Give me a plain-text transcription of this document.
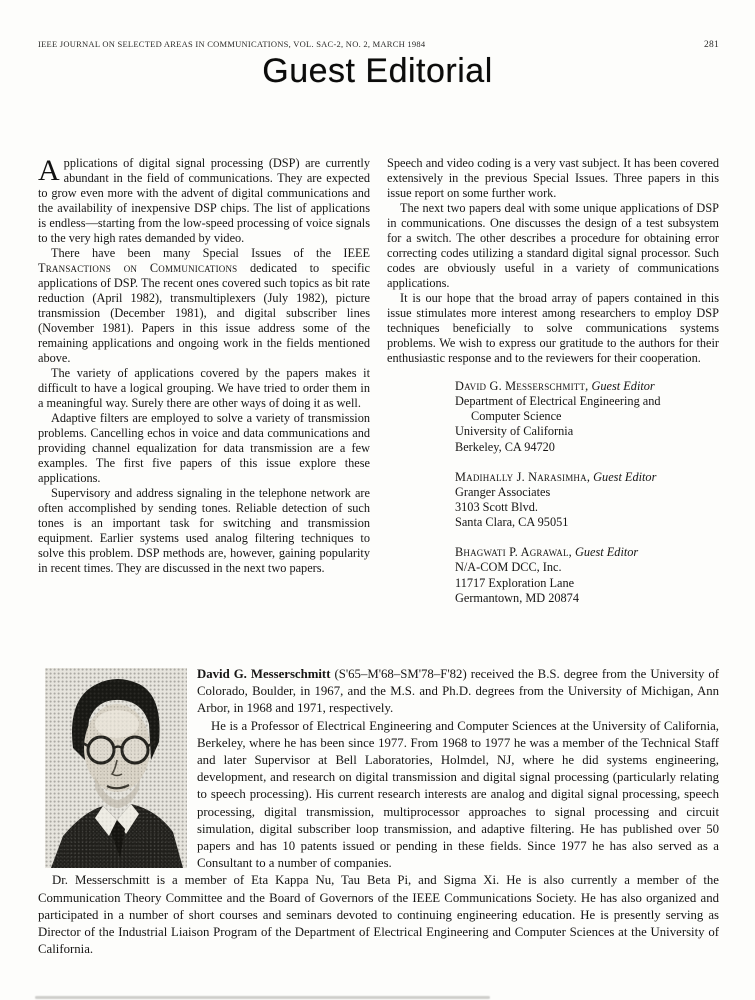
IEEE JOURNAL ON SELECTED AREAS IN COMMUNICATIONS, VOL. SAC-2, NO. 2, MARCH 1984	281
Guest Editorial

Applications of digital signal processing (DSP) are currently abundant in the field of communications. They are expected to grow even more with the advent of digital communications and the availability of inexpensive DSP chips. The list of applications is endless—starting from the low-speed processing of voice signals to the very high rates demanded by video.

There have been many Special Issues of the IEEE Transactions on Communications dedicated to specific applications of DSP. The recent ones covered such topics as bit rate reduction (April 1982), transmultiplexers (July 1982), picture transmission (December 1981), and digital subscriber lines (November 1981). Papers in this issue address some of the remaining applications and ongoing work in the fields mentioned above.

The variety of applications covered by the papers makes it difficult to have a logical grouping. We have tried to order them in a meaningful way. Surely there are other ways of doing it as well.

Adaptive filters are employed to solve a variety of transmission problems. Cancelling echos in voice and data communications and providing channel equalization for data transmission are a few examples. The first five papers of this issue explore these applications.

Supervisory and address signaling in the telephone network are often accomplished by sending tones. Reliable detection of such tones is an important task for switching and transmission equipment. Earlier systems used analog filtering techniques to solve this problem. DSP methods are, however, gaining popularity in recent times. They are discussed in the next two papers.

Speech and video coding is a very vast subject. It has been covered extensively in the previous Special Issues. Three papers in this issue report on some further work.

The next two papers deal with some unique applications of DSP in communications. One discusses the design of a test subsystem for a switch. The other describes a procedure for obtaining error correcting codes utilizing a standard digital signal processor. Such codes are obviously useful in a variety of communications applications.

It is our hope that the broad array of papers contained in this issue stimulates more interest among researchers to employ DSP techniques beneficially to solve communications systems problems. We wish to express our gratitude to the authors for their enthusiastic response and to the reviewers for their cooperation.

David G. Messerschmitt, Guest Editor
Department of Electrical Engineering and
Computer Science
University of California
Berkeley, CA 94720
Madihally J. Narasimha, Guest Editor
Granger Associates
3103 Scott Blvd.
Santa Clara, CA 95051
Bhagwati P. Agrawal, Guest Editor
N/A-COM DCC, Inc.
11717 Exploration Lane
Germantown, MD 20874

David G. Messerschmitt (S'65–M'68–SM'78–F'82) received the B.S. degree from the University of Colorado, Boulder, in 1967, and the M.S. and Ph.D. degrees from the University of Michigan, Ann Arbor, in 1968 and 1971, respectively.

He is a Professor of Electrical Engineering and Computer Sciences at the University of California, Berkeley, where he has been since 1977. From 1968 to 1977 he was a member of the Technical Staff and later Supervisor at Bell Laboratories, Holmdel, NJ, where he did systems engineering, development, and research on digital transmission and digital signal processing (particularly relating to speech processing). His current research interests are analog and digital signal processing, speech processing, digital transmission, multiprocessor approaches to signal processing and circuit simulation, digital subscriber loop transmission, and adaptive filtering. He has published over 50 papers and has 10 patents issued or pending in these fields. Since 1977 he has also served as a Consultant to a number of companies.

Dr. Messerschmitt is a member of Eta Kappa Nu, Tau Beta Pi, and Sigma Xi. He is also currently a member of the Communication Theory Committee and the Board of Governors of the IEEE Communications Society. He has also organized and participated in a number of short courses and seminars devoted to continuing engineering education. He is presently serving as Director of the Industrial Liaison Program of the Department of Electrical Engineering and Computer Sciences at the University of California.
